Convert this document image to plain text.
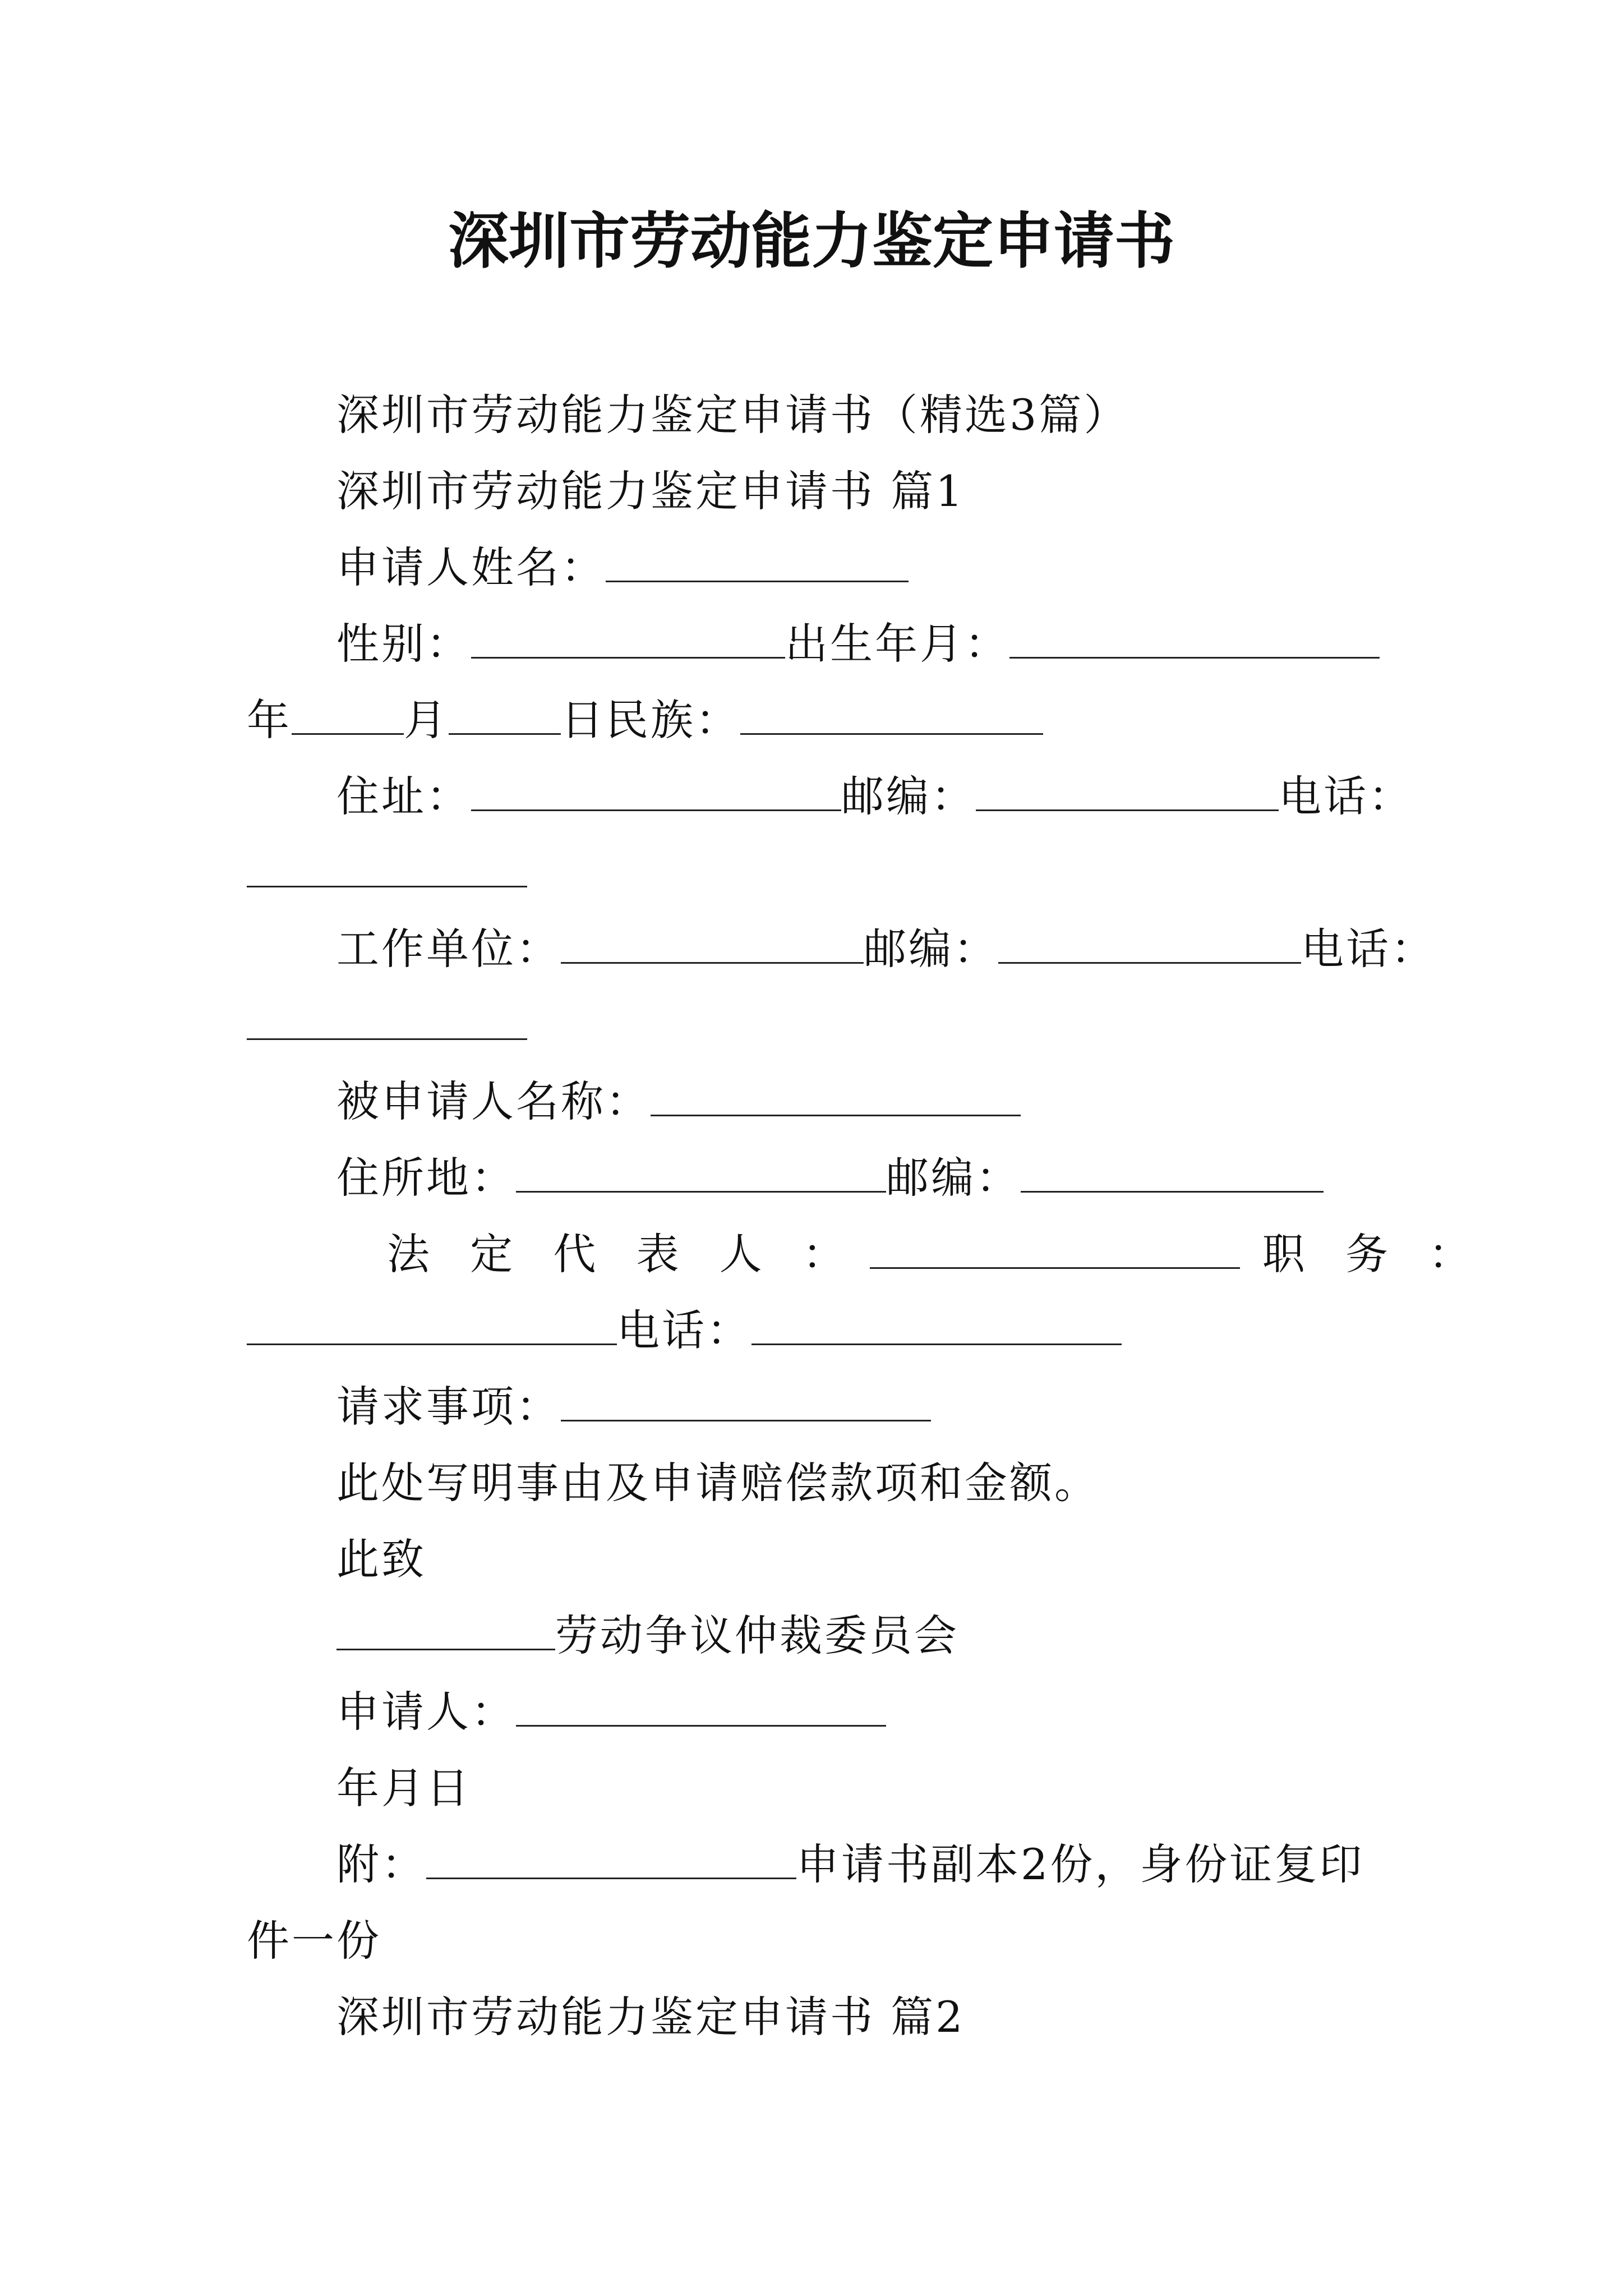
深圳市劳动能力鉴定申请书
深圳市劳动能力鉴定申请书（精选3篇）
深圳市劳动能力鉴定申请书 篇1
申请人姓名：
性别：	出生年月：
年	月	日民族：
住址：	邮编：	电话：
工作单位：	邮编：	电话：
被申请人名称：
住所地：	邮编：
法 定 代 表 人 ：	职 务 ：
电话：
请求事项：
此处写明事由及申请赔偿款项和金额。
此致
劳动争议仲裁委员会
申请人：
年月日
附：	申请书副本2份，身份证复印
件一份
深圳市劳动能力鉴定申请书 篇2
